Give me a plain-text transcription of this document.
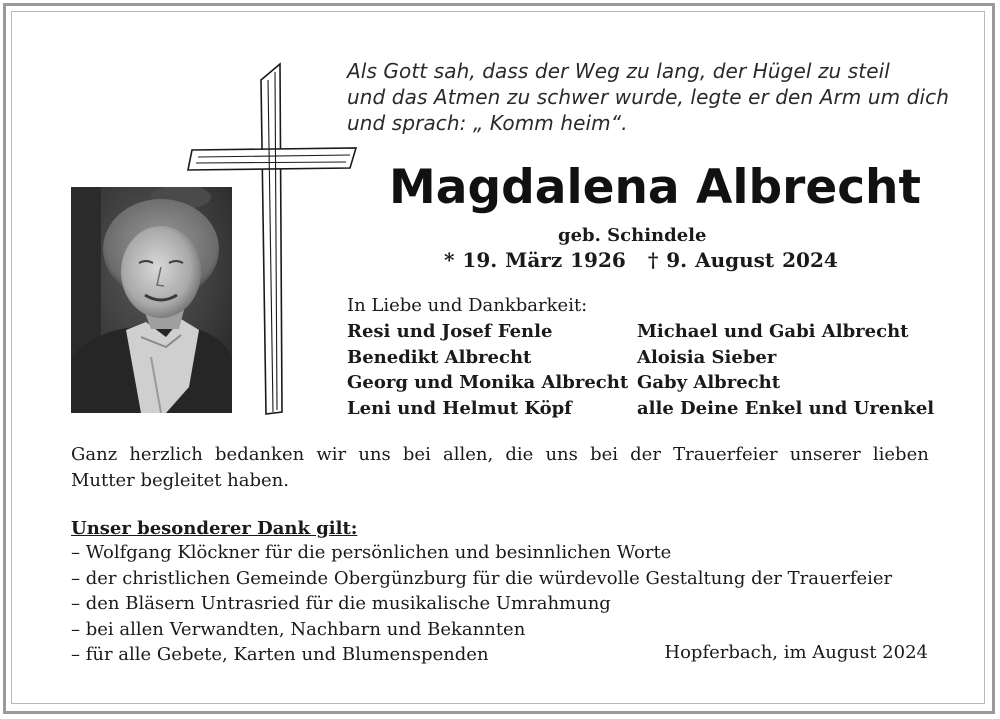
Als Gott sah, dass der Weg zu lang, der Hügel zu steil
und das Atmen zu schwer wurde, legte er den Arm um dich
und sprach: „ Komm heim“.
Magdalena Albrecht
geb. Schindele
* 19. März 1926 † 9. August 2024
In Liebe und Dankbarkeit:
Resi und Josef Fenle
Benedikt Albrecht
Georg und Monika Albrecht
Leni und Helmut Köpf
Michael und Gabi Albrecht
Aloisia Sieber
Gaby Albrecht
alle Deine Enkel und Urenkel
Ganz herzlich bedanken wir uns bei allen, die uns bei der Trauerfeier unserer lieben
Mutter begleitet haben.
Unser besonderer Dank gilt:
– Wolfgang Klöckner für die persönlichen und besinnlichen Worte
– der christlichen Gemeinde Obergünzburg für die würdevolle Gestaltung der Trauerfeier
– den Bläsern Untrasried für die musikalische Umrahmung
– bei allen Verwandten, Nachbarn und Bekannten
– für alle Gebete, Karten und Blumenspenden	Hopferbach, im August 2024
